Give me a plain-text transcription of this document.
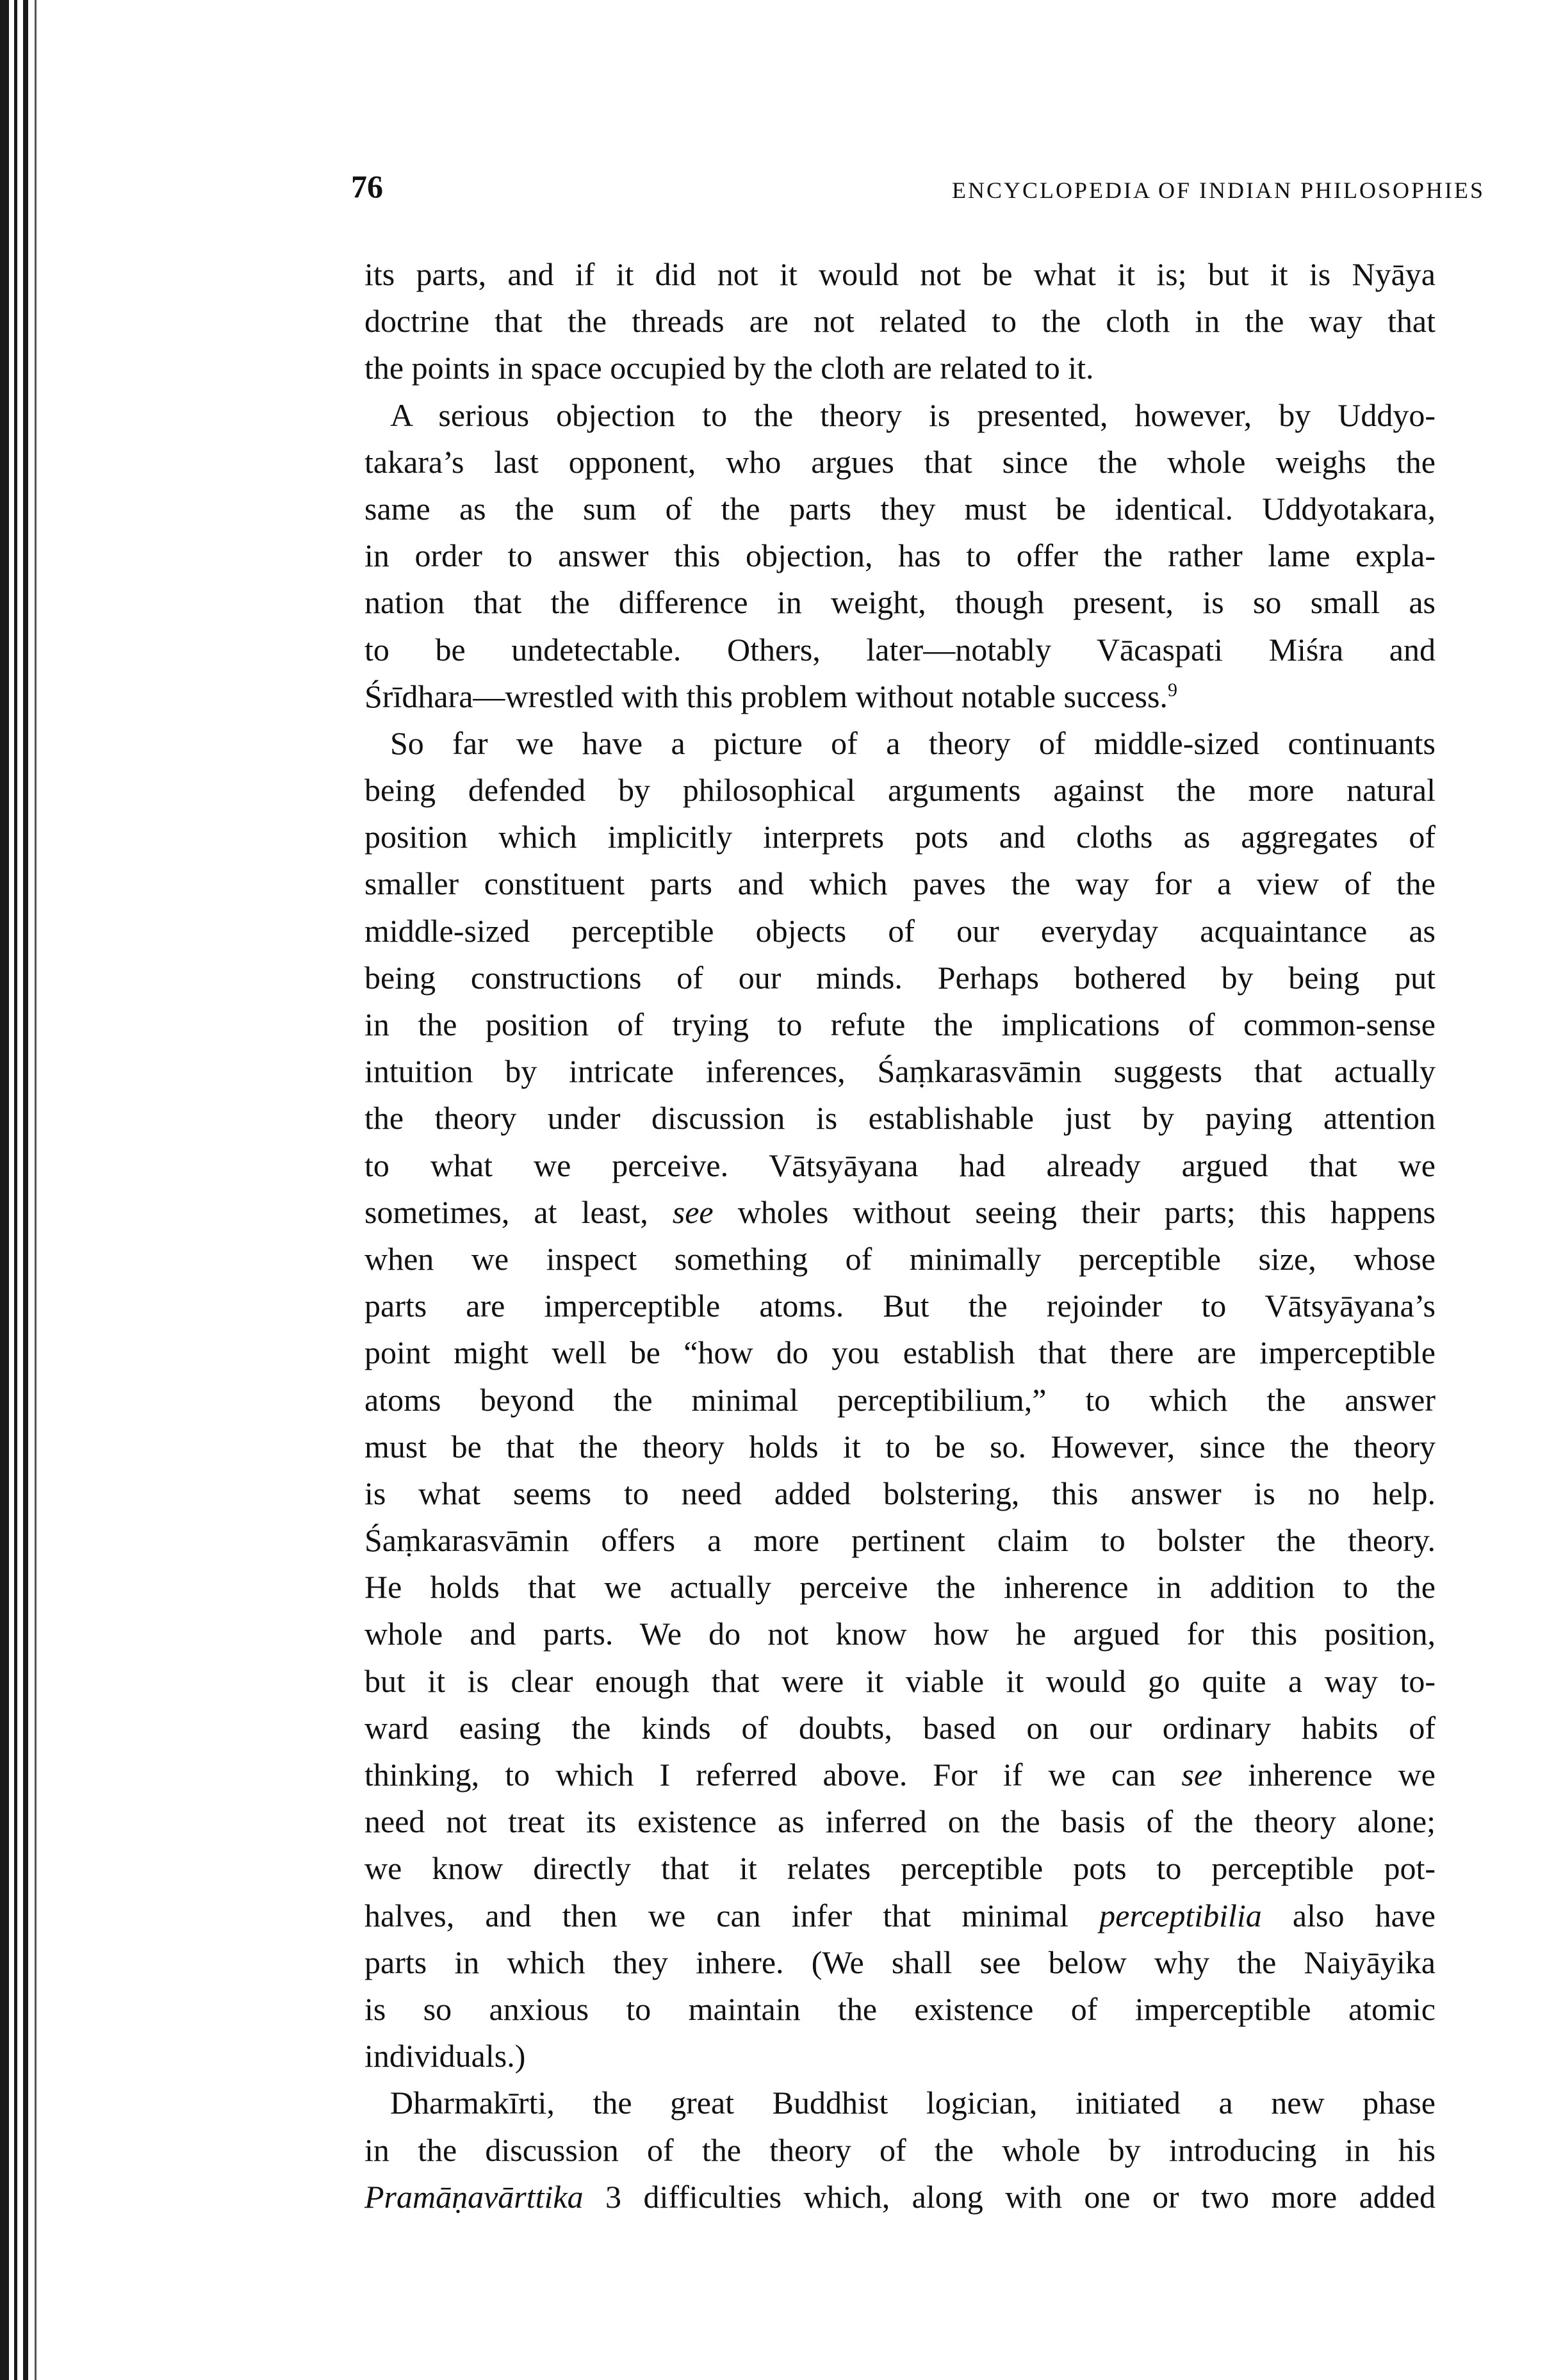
76	ENCYCLOPEDIA OF INDIAN PHILOSOPHIES
its parts, and if it did not it would not be what it is; but it is Nyāya
doctrine that the threads are not related to the cloth in the way that
the points in space occupied by the cloth are related to it.
A serious objection to the theory is presented, however, by Uddyo-
takara’s last opponent, who argues that since the whole weighs the
same as the sum of the parts they must be identical. Uddyotakara,
in order to answer this objection, has to offer the rather lame expla-
nation that the difference in weight, though present, is so small as
to be undetectable. Others, later—notably Vācaspati Miśra and
Śrīdhara—wrestled with this problem without notable success.$^9$
So far we have a picture of a theory of middle-sized continuants
being defended by philosophical arguments against the more natural
position which implicitly interprets pots and cloths as aggregates of
smaller constituent parts and which paves the way for a view of the
middle-sized perceptible objects of our everyday acquaintance as
being constructions of our minds. Perhaps bothered by being put
in the position of trying to refute the implications of common-sense
intuition by intricate inferences, Śaṃkarasvāmin suggests that actually
the theory under discussion is establishable just by paying attention
to what we perceive. Vātsyāyana had already argued that we
sometimes, at least, see wholes without seeing their parts; this happens
when we inspect something of minimally perceptible size, whose
parts are imperceptible atoms. But the rejoinder to Vātsyāyana’s
point might well be “how do you establish that there are imperceptible
atoms beyond the minimal perceptibilium,” to which the answer
must be that the theory holds it to be so. However, since the theory
is what seems to need added bolstering, this answer is no help.
Śaṃkarasvāmin offers a more pertinent claim to bolster the theory.
He holds that we actually perceive the inherence in addition to the
whole and parts. We do not know how he argued for this position,
but it is clear enough that were it viable it would go quite a way to-
ward easing the kinds of doubts, based on our ordinary habits of
thinking, to which I referred above. For if we can see inherence we
need not treat its existence as inferred on the basis of the theory alone;
we know directly that it relates perceptible pots to perceptible pot-
halves, and then we can infer that minimal perceptibilia also have
parts in which they inhere. (We shall see below why the Naiyāyika
is so anxious to maintain the existence of imperceptible atomic
individuals.)
Dharmakīrti, the great Buddhist logician, initiated a new phase
in the discussion of the theory of the whole by introducing in his
Pramāṇavārttika 3 difficulties which, along with one or two more added
